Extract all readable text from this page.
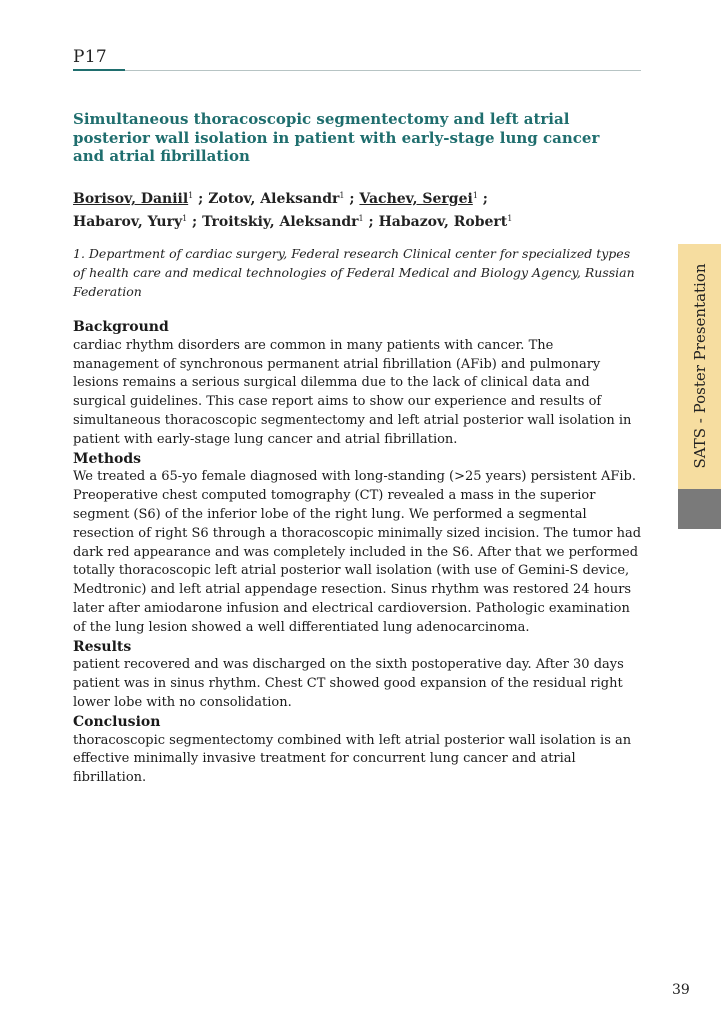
P17
Simultaneous thoracoscopic segmentectomy and left atrial posterior wall isolation in patient with early-stage lung cancer and atrial fibrillation
Borisov, Daniil$^1$ ; Zotov, Aleksandr$^1$ ; Vachev, Sergei$^1$ ;
Habarov, Yury$^1$ ; Troitskiy, Aleksandr$^1$ ; Habazov, Robert$^1$
1. Department of cardiac surgery, Federal research Clinical center for specialized types of health care and medical technologies of Federal Medical and Biology Agency, Russian Federation
Background
cardiac rhythm disorders are common in many patients with cancer. The management of synchronous permanent atrial fibrillation (AFib) and pulmonary lesions remains a serious surgical dilemma due to the lack of clinical data and surgical guidelines. This case report aims to show our experience and results of simultaneous thoracoscopic segmentectomy and left atrial posterior wall isolation in patient with early-stage lung cancer and atrial fibrillation.
Methods
We treated a 65-yo female diagnosed with long-standing (>25 years) persistent AFib. Preoperative chest computed tomography (CT) revealed a mass in the superior segment (S6) of the inferior lobe of the right lung. We performed a segmental resection of right S6 through a thoracoscopic minimally sized incision. The tumor had dark red appearance and was completely included in the S6. After that we performed totally thoracoscopic left atrial posterior wall isolation (with use of Gemini-S device, Medtronic) and left atrial appendage resection. Sinus rhythm was restored 24 hours later after amiodarone infusion and electrical cardioversion. Pathologic examination of the lung lesion showed a well differentiated lung adenocarcinoma.
Results
patient recovered and was discharged on the sixth postoperative day. After 30 days patient was in sinus rhythm. Chest CT showed good expansion of the residual right lower lobe with no consolidation.
Conclusion
thoracoscopic segmentectomy combined with left atrial posterior wall isolation is an effective minimally invasive treatment for concurrent lung cancer and atrial fibrillation.
SATS - Poster Presentation
39
